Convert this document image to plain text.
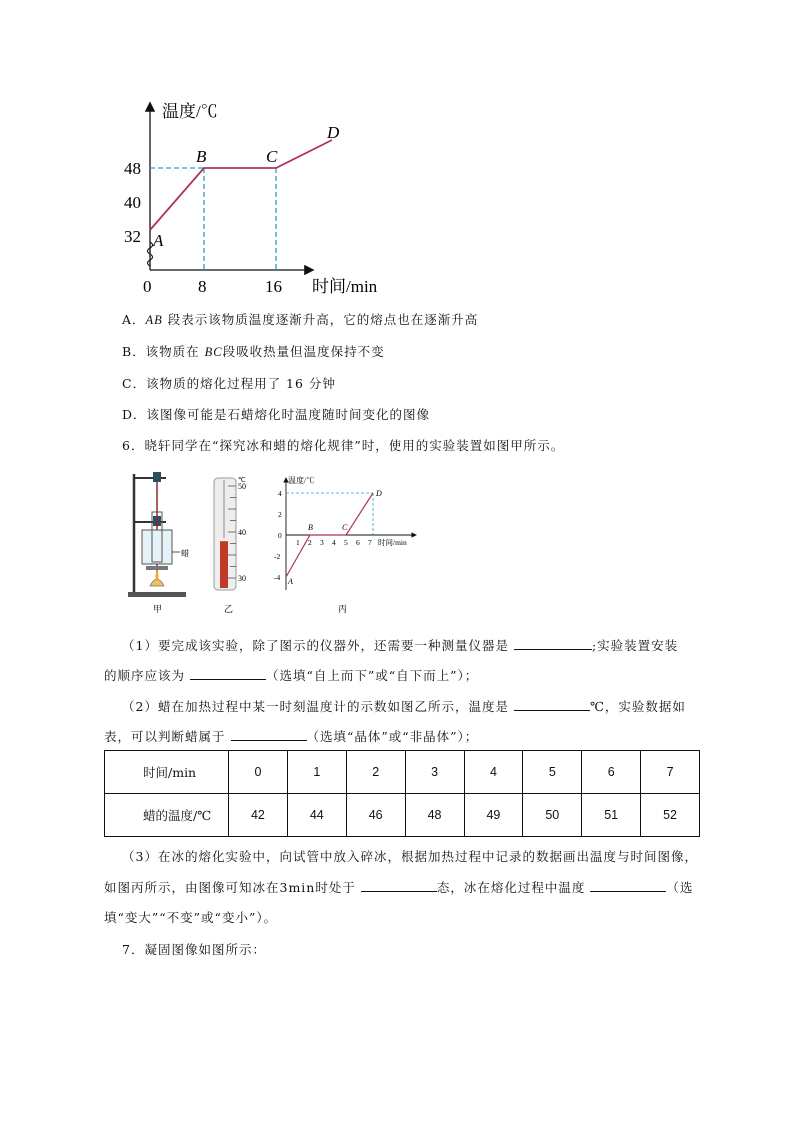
温度/℃
时间/min
48
40
32
0	8	16
A
B	C
D
A．AB 段表示该物质温度逐渐升高，它的熔点也在逐渐升高
B．该物质在 BC段吸收热量但温度保持不变
C．该物质的熔化过程用了 16 分钟
D．该图像可能是石蜡熔化时温度随时间变化的图像
6．晓轩同学在“探究冰和蜡的熔化规律”时，使用的实验装置如图甲所示。
蜡
甲
℃
50
40
30
乙
温度/℃
时间/min
4
2
0
-2
-4
1 2 3 4 5 6 7
A
B	C
D
丙
（1）要完成该实验，除了图示的仪器外，还需要一种测量仪器是	;实验装置安装
的顺序应该为	（选填“自上而下”或“自下而上”）；
（2）蜡在加热过程中某一时刻温度计的示数如图乙所示，温度是	℃，实验数据如
表，可以判断蜡属于	（选填“晶体”或“非晶体”）；
时间/min	0	1	2	3	4	5	6	7
蜡的温度/℃	42	44	46	48	49	50	51	52
（3）在冰的熔化实验中，向试管中放入碎冰，根据加热过程中记录的数据画出温度与时间图像，
如图丙所示，由图像可知冰在3min时处于	态，冰在熔化过程中温度	（选
填“变大”“不变”或“变小”）。
7．凝固图像如图所示：
